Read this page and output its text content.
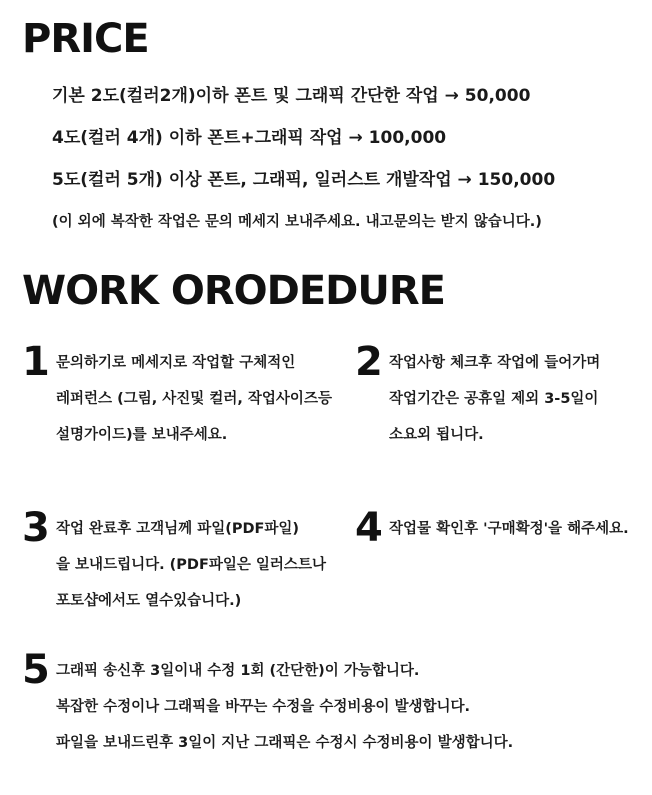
PRICE
기본 2도(컬러2개)이하 폰트 및 그래픽 간단한 작업 → 50,000
4도(컬러 4개) 이하 폰트+그래픽 작업 → 100,000
5도(컬러 5개) 이상 폰트, 그래픽, 일러스트 개발작업 → 150,000
(이 외에 복작한 작업은 문의 메세지 보내주세요. 내고문의는 받지 않습니다.)
WORK ORODEDURE
1 문의하기로 메세지로 작업할 구체적인
레퍼런스 (그림, 사진및 컬러, 작업사이즈등
설명가이드)를 보내주세요.
2 작업사항 체크후 작업에 들어가며
작업기간은 공휴일 제외 3-5일이
소요외 됩니다.
3 작업 완료후 고객님께 파일(PDF파일)
을 보내드립니다. (PDF파일은 일러스트나
포토샵에서도 열수있습니다.)
4 작업물 확인후 '구매확정'을 해주세요.
5 그래픽 송신후 3일이내 수정 1회 (간단한)이 가능합니다.
복잡한 수정이나 그래픽을 바꾸는 수정을 수정비용이 발생합니다.
파일을 보내드린후 3일이 지난 그래픽은 수정시 수정비용이 발생합니다.
